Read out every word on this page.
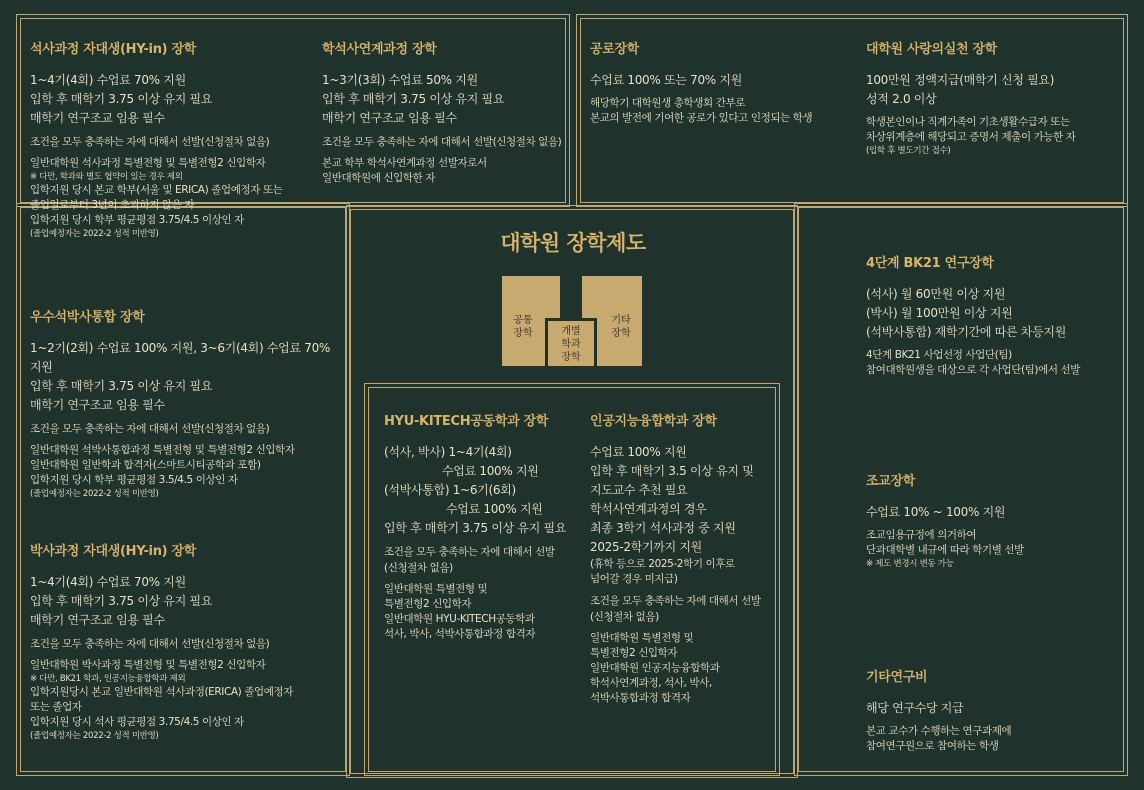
대학원 장학제도
공통
장학
기타
장학
개별
학과
장학
석사과정 자대생(HY-in) 장학
1~4기(4회) 수업료 70% 지원
입학 후 매학기 3.75 이상 유지 필요
매학기 연구조교 임용 필수
조건을 모두 충족하는 자에 대해서 선발(신청절차 없음)
일반대학원 석사과정 특별전형 및 특별전형2 신입학자
※ 다만, 학과와 별도 협약이 있는 경우 제외
입학지원 당시 본교 학부(서울 및 ERICA) 졸업예정자 또는
졸업일로부터 3년이 초과하지 않은 자
입학지원 당시 학부 평균평점 3.75/4.5 이상인 자
(졸업예정자는 2022-2 성적 미반영)
학석사연계과정 장학
1~3기(3회) 수업료 50% 지원
입학 후 매학기 3.75 이상 유지 필요
매학기 연구조교 임용 필수
조건을 모두 충족하는 자에 대해서 선발(신청절차 없음)
본교 학부 학석사연계과정 선발자로서
일반대학원에 신입학한 자
공로장학
수업료 100% 또는 70% 지원
해당학기 대학원생 총학생회 간부로
본교의 발전에 기여한 공로가 있다고 인정되는 학생
대학원 사랑의실천 장학
100만원 정액지급(매학기 신청 필요)
성적 2.0 이상
학생본인이나 직계가족이 기초생활수급자 또는
차상위계층에 해당되고 증명서 제출이 가능한 자
(입학 후 별도기간 접수)
우수석박사통합 장학
1~2기(2회) 수업료 100% 지원, 3~6기(4회) 수업료 70% 지원
입학 후 매학기 3.75 이상 유지 필요
매학기 연구조교 임용 필수
조건을 모두 충족하는 자에 대해서 선발(신청절차 없음)
일반대학원 석박사통합과정 특별전형 및 특별전형2 신입학자
일반대학원 일반학과 합격자(스마트시티공학과 포함)
입학지원 당시 학부 평균평점 3.5/4.5 이상인 자
(졸업예정자는 2022-2 성적 미반영)
4단계 BK21 연구장학
(석사) 월 60만원 이상 지원
(박사) 월 100만원 이상 지원
(석박사통합) 재학기간에 따른 차등지원
4단계 BK21 사업선정 사업단(팀)
참여대학원생을 대상으로 각 사업단(팀)에서 선발
HYU-KITECH공동학과 장학
(석사, 박사) 1~4기(4회)
수업료 100% 지원
(석박사통합) 1~6기(6회)
수업료 100% 지원
입학 후 매학기 3.75 이상 유지 필요
조건을 모두 충족하는 자에 대해서 선발
(신청절차 없음)
일반대학원 특별전형 및
특별전형2 신입학자
일반대학원 HYU-KITECH공동학과
석사, 박사, 석박사통합과정 합격자
인공지능융합학과 장학
수업료 100% 지원
입학 후 매학기 3.5 이상 유지 및
지도교수 추천 필요
학석사연계과정의 경우
최종 3학기 석사과정 중 지원
2025-2학기까지 지원
(휴학 등으로 2025-2학기 이후로
넘어갈 경우 미지급)
조건을 모두 충족하는 자에 대해서 선발
(신청절차 없음)
일반대학원 특별전형 및
특별전형2 신입학자
일반대학원 인공지능융합학과
학석사연계과정, 석사, 박사,
석박사통합과정 합격자
박사과정 자대생(HY-in) 장학
1~4기(4회) 수업료 70% 지원
입학 후 매학기 3.75 이상 유지 필요
매학기 연구조교 임용 필수
조건을 모두 충족하는 자에 대해서 선발(신청절차 없음)
일반대학원 박사과정 특별전형 및 특별전형2 신입학자
※ 다만, BK21 학과, 인공지능융합학과 제외
입학지원당시 본교 일반대학원 석사과정(ERICA) 졸업예정자
또는 졸업자
입학지원 당시 석사 평균평점 3.75/4.5 이상인 자
(졸업예정자는 2022-2 성적 미반영)
조교장학
수업료 10% ~ 100% 지원
조교임용규정에 의거하여
단과대학별 내규에 따라 학기별 선발
※ 제도 변경시 변동 가능
기타연구비
해당 연구수당 지급
본교 교수가 수행하는 연구과제에
참여연구원으로 참여하는 학생
